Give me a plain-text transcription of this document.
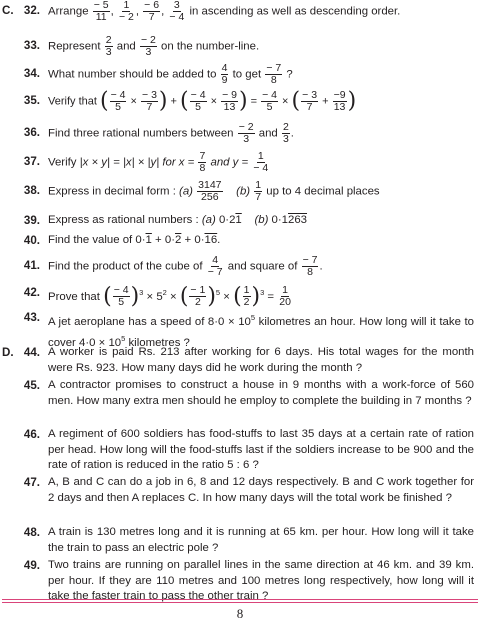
C. 32. Arrange $\frac{- 5}{11}$ , $\frac{1}{- 2}$ , $\frac{- 6}{7}$ , $\frac{3}{- 4}$ in ascending as well as descending order.
33. Represent $\frac{2}{3}$ and $\frac{- 2}{3}$ on the number-line.
34. What number should be added to $\frac{4}{9}$ to get $\frac{- 7}{8}$ ?
35. Verify that ( $\frac{- 4}{5} \times \frac{- 3}{7}$ ) + ( $\frac{- 4}{5} \times \frac{- 9}{13}$ ) = $\frac{- 4}{5}$ × ( $\frac{- 3}{7} + \frac{-9}{13}$ )
36. Find three rational numbers between $\frac{- 2}{3}$ and $\frac{2}{3}$ .
37. Verify |x × y| = |x| × |y| for $x = \frac{7}{8}$ and $y = \frac{1}{- 4}$
38. Express in decimal form : $(a) \frac{3147}{256} (b) \frac{1}{7}$ up to 4 decimal places
39. Express as rational numbers : (a) 0·21 (b) 0·1263
40. Find the value of 0·1 + 0·2 + 0·16.
41. Find the product of the cube of $\frac{4}{- 7}$ and square of $\frac{- 7}{8}$ .
42. Prove that ( $\frac{- 4}{5} )^3 \times 5^2$ × ( $\frac{- 1}{2} )^5$ × ( $\frac{1}{2} )^3 = \frac{1}{20}$
43. A jet aeroplane has a speed of $8\cdot 0 \times 10^5$ kilometres an hour. How long will it take to cover $4\cdot 0 \times 10^5$ kilometres ?
D. 44. A worker is paid Rs. 213 after working for 6 days. His total wages for the month were Rs. 923. How many days did he work during the month ?
45. A contractor promises to construct a house in 9 months with a work-force of 560 men. How many extra men should he employ to complete the building in 7 months ?
46. A regiment of 600 soldiers has food-stuffs to last 35 days at a certain rate of ration per head. How long will the food-stuffs last if the soldiers increase to be 900 and the rate of ration is reduced in the ratio 5 : 6 ?
47. A, B and C can do a job in 6, 8 and 12 days respectively. B and C work together for 2 days and then A replaces C. In how many days will the total work be finished ?
48. A train is 130 metres long and it is running at 65 km. per hour. How long will it take the train to pass an electric pole ?
49. Two trains are running on parallel lines in the same direction at 46 km. and 39 km. per hour. If they are 110 metres and 100 metres long respectively, how long will it take the faster train to pass the other train ?
8
